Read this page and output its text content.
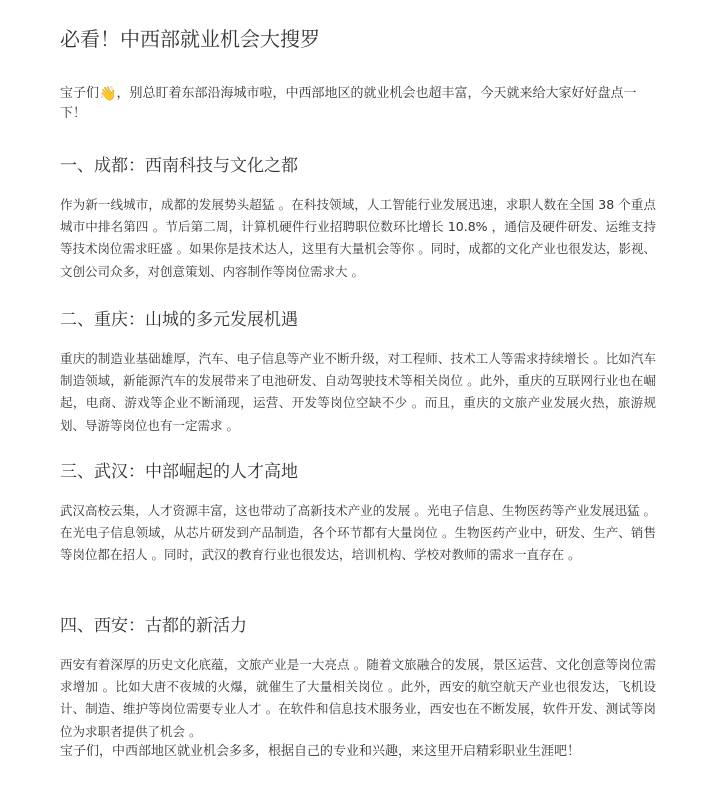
必看！中西部就业机会大搜罗

宝子们👋，别总盯着东部沿海城市啦，中西部地区的就业机会也超丰富，今天就来给大家好好盘点一下！

一、成都：西南科技与文化之都

作为新一线城市，成都的发展势头超猛 。在科技领域，人工智能行业发展迅速，求职人数在全国 38 个重点城市中排名第四 。节后第二周，计算机硬件行业招聘职位数环比增长 10.8% ，通信及硬件研发、运维支持等技术岗位需求旺盛 。如果你是技术达人，这里有大量机会等你 。同时，成都的文化产业也很发达，影视、文创公司众多，对创意策划、内容制作等岗位需求大 。

二、重庆：山城的多元发展机遇

重庆的制造业基础雄厚，汽车、电子信息等产业不断升级，对工程师、技术工人等需求持续增长 。比如汽车制造领域，新能源汽车的发展带来了电池研发、自动驾驶技术等相关岗位 。此外，重庆的互联网行业也在崛起，电商、游戏等企业不断涌现，运营、开发等岗位空缺不少 。而且，重庆的文旅产业发展火热，旅游规划、导游等岗位也有一定需求 。

三、武汉：中部崛起的人才高地

武汉高校云集，人才资源丰富，这也带动了高新技术产业的发展 。光电子信息、生物医药等产业发展迅猛 。在光电子信息领域，从芯片研发到产品制造，各个环节都有大量岗位 。生物医药产业中，研发、生产、销售等岗位都在招人 。同时，武汉的教育行业也很发达，培训机构、学校对教师的需求一直存在 。

四、西安：古都的新活力

西安有着深厚的历史文化底蕴，文旅产业是一大亮点 。随着文旅融合的发展，景区运营、文化创意等岗位需求增加 。比如大唐不夜城的火爆，就催生了大量相关岗位 。此外，西安的航空航天产业也很发达，飞机设计、制造、维护等岗位需要专业人才 。在软件和信息技术服务业，西安也在不断发展，软件开发、测试等岗位为求职者提供了机会 。

宝子们，中西部地区就业机会多多，根据自己的专业和兴趣，来这里开启精彩职业生涯吧！
